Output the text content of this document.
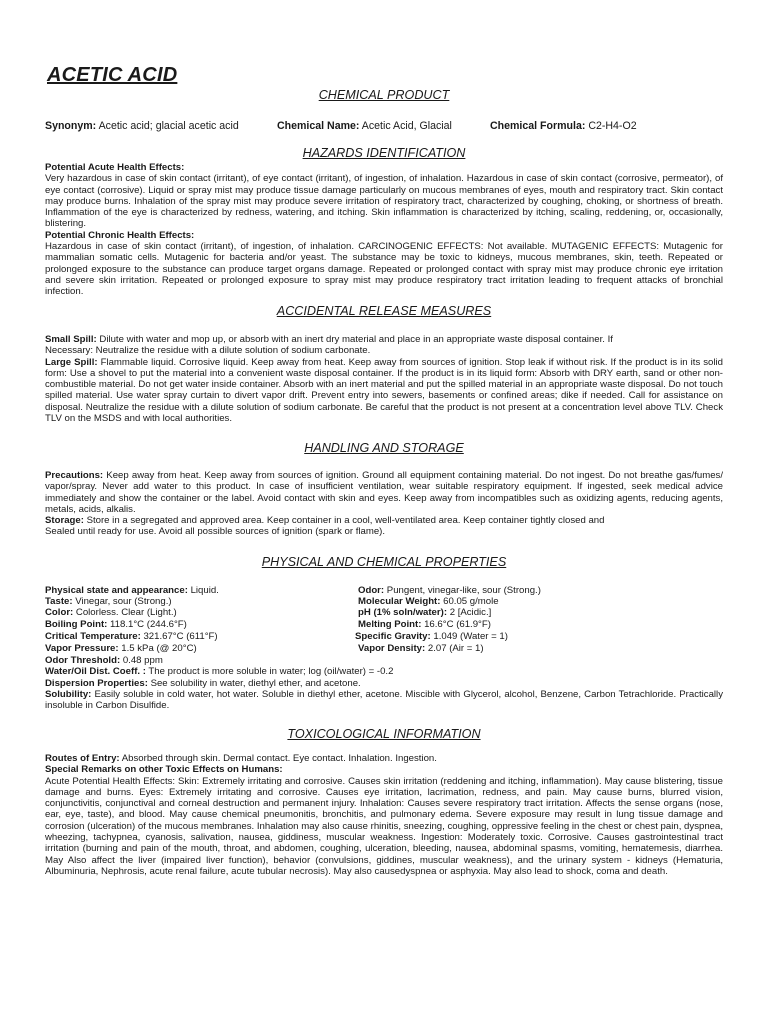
ACETIC ACID
CHEMICAL PRODUCT
Synonym: Acetic acid; glacial acetic acid	Chemical Name: Acetic Acid, Glacial	Chemical Formula: C2-H4-O2
HAZARDS IDENTIFICATION

Potential Acute Health Effects:

Very hazardous in case of skin contact (irritant), of eye contact (irritant), of ingestion, of inhalation. Hazardous in case of skin contact (corrosive, permeator), of eye contact (corrosive). Liquid or spray mist may produce tissue damage particularly on mucous membranes of eyes, mouth and respiratory tract. Skin contact may produce burns. Inhalation of the spray mist may produce severe irritation of respiratory tract, characterized by coughing, choking, or shortness of breath. Inflammation of the eye is characterized by redness, watering, and itching. Skin inflammation is characterized by itching, scaling, reddening, or, occasionally, blistering.

Potential Chronic Health Effects:

Hazardous in case of skin contact (irritant), of ingestion, of inhalation. CARCINOGENIC EFFECTS: Not available. MUTAGENIC EFFECTS: Mutagenic for mammalian somatic cells. Mutagenic for bacteria and/or yeast. The substance may be toxic to kidneys, mucous membranes, skin, teeth. Repeated or prolonged exposure to the substance can produce target organs damage. Repeated or prolonged contact with spray mist may produce chronic eye irritation and severe skin irritation. Repeated or prolonged exposure to spray mist may produce respiratory tract irritation leading to frequent attacks of bronchial infection.

ACCIDENTAL RELEASE MEASURES

Small Spill: Dilute with water and mop up, or absorb with an inert dry material and place in an appropriate waste disposal container. If

Necessary: Neutralize the residue with a dilute solution of sodium carbonate.

Large Spill: Flammable liquid. Corrosive liquid. Keep away from heat. Keep away from sources of ignition. Stop leak if without risk. If the product is in its solid form: Use a shovel to put the material into a convenient waste disposal container. If the product is in its liquid form: Absorb with DRY earth, sand or other non-combustible material. Do not get water inside container. Absorb with an inert material and put the spilled material in an appropriate waste disposal. Do not touch spilled material. Use water spray curtain to divert vapor drift. Prevent entry into sewers, basements or confined areas; dike if needed. Call for assistance on disposal. Neutralize the residue with a dilute solution of sodium carbonate. Be careful that the product is not present at a concentration level above TLV. Check TLV on the MSDS and with local authorities.

HANDLING AND STORAGE

Precautions: Keep away from heat. Keep away from sources of ignition. Ground all equipment containing material. Do not ingest. Do not breathe gas/fumes/ vapor/spray. Never add water to this product. In case of insufficient ventilation, wear suitable respiratory equipment. If ingested, seek medical advice immediately and show the container or the label. Avoid contact with skin and eyes. Keep away from incompatibles such as oxidizing agents, reducing agents, metals, acids, alkalis.

Storage: Store in a segregated and approved area. Keep container in a cool, well-ventilated area. Keep container tightly closed and

Sealed until ready for use. Avoid all possible sources of ignition (spark or flame).

PHYSICAL AND CHEMICAL PROPERTIES
Physical state and appearance: Liquid.	Odor: Pungent, vinegar-like, sour (Strong.)
Taste: Vinegar, sour (Strong.)	Molecular Weight: 60.05 g/mole
Color: Colorless. Clear (Light.)	pH (1% soln/water): 2 [Acidic.]
Boiling Point: 118.1°C (244.6°F)	Melting Point: 16.6°C (61.9°F)
Critical Temperature: 321.67°C (611°F)	Specific Gravity: 1.049 (Water = 1)
Vapor Pressure: 1.5 kPa (@ 20°C)	Vapor Density: 2.07 (Air = 1)

Odor Threshold: 0.48 ppm

Water/Oil Dist. Coeff. : The product is more soluble in water; log (oil/water) = -0.2

Dispersion Properties: See solubility in water, diethyl ether, and acetone.

Solubility: Easily soluble in cold water, hot water. Soluble in diethyl ether, acetone. Miscible with Glycerol, alcohol, Benzene, Carbon Tetrachloride. Practically insoluble in Carbon Disulfide.

TOXICOLOGICAL INFORMATION

Routes of Entry: Absorbed through skin. Dermal contact. Eye contact. Inhalation. Ingestion.

Special Remarks on other Toxic Effects on Humans:

Acute Potential Health Effects: Skin: Extremely irritating and corrosive. Causes skin irritation (reddening and itching, inflammation). May cause blistering, tissue damage and burns. Eyes: Extremely irritating and corrosive. Causes eye irritation, lacrimation, redness, and pain. May cause burns, blurred vision, conjunctivitis, conjunctival and corneal destruction and permanent injury. Inhalation: Causes severe respiratory tract irritation. Affects the sense organs (nose, ear, eye, taste), and blood. May cause chemical pneumonitis, bronchitis, and pulmonary edema. Severe exposure may result in lung tissue damage and corrosion (ulceration) of the mucous membranes. Inhalation may also cause rhinitis, sneezing, coughing, oppressive feeling in the chest or chest pain, dyspnea, wheezing, tachypnea, cyanosis, salivation, nausea, giddiness, muscular weakness. Ingestion: Moderately toxic. Corrosive. Causes gastrointestinal tract irritation (burning and pain of the mouth, throat, and abdomen, coughing, ulceration, bleeding, nausea, abdominal spasms, vomiting, hematemesis, diarrhea. May Also affect the liver (impaired liver function), behavior (convulsions, giddines, muscular weakness), and the urinary system - kidneys (Hematuria, Albuminuria, Nephrosis, acute renal failure, acute tubular necrosis). May also causedyspnea or asphyxia. May also lead to shock, coma and death.
